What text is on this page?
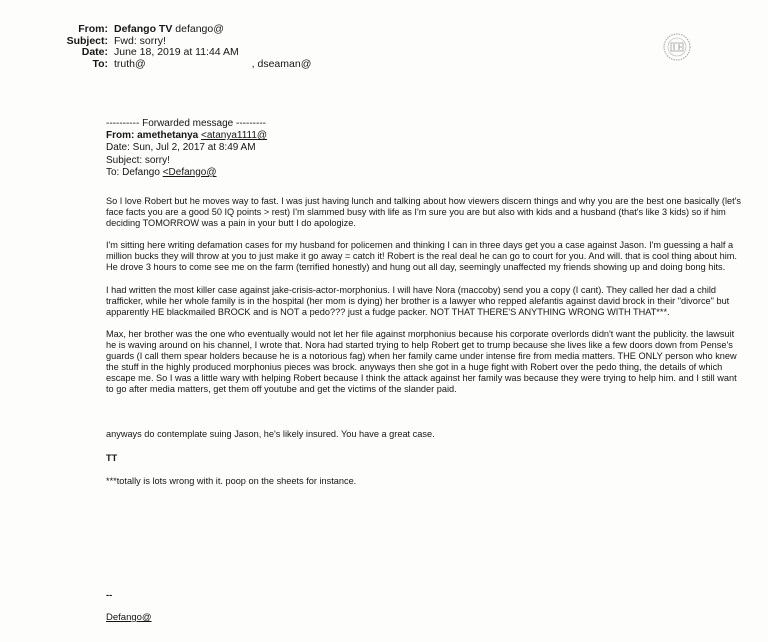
From: Defango TV defango@
Subject: Fwd: sorry!
Date: June 18, 2019 at 11:44 AM
To: truth@	, dseaman@
---------- Forwarded message ---------
From: amethetanya <atanya1111@
Date: Sun, Jul 2, 2017 at 8:49 AM
Subject: sorry!
To: Defango <Defango@

So I love Robert but he moves way to fast. I was just having lunch and talking about how viewers discern things and why you are the best one basically (let's face facts you are a good 50 IQ points > rest) I'm slammed busy with life as I'm sure you are but also with kids and a husband (that's like 3 kids) so if him deciding TOMORROW was a pain in your butt I do apologize.

I'm sitting here writing defamation cases for my husband for policemen and thinking I can in three days get you a case against Jason. I'm guessing a half a million bucks they will throw at you to just make it go away = catch it! Robert is the real deal he can go to court for you. And will. that is cool thing about him. He drove 3 hours to come see me on the farm (terrified honestly) and hung out all day, seemingly unaffected my friends showing up and doing bong hits.

I had written the most killer case against jake-crisis-actor-morphonius. I will have Nora (maccoby) send you a copy (I cant). They called her dad a child trafficker, while her whole family is in the hospital (her mom is dying) her brother is a lawyer who repped alefantis against david brock in their "divorce" but apparently HE blackmailed BROCK and is NOT a pedo??? just a fudge packer. NOT THAT THERE'S ANYTHING WRONG WITH THAT***.

Max, her brother was the one who eventually would not let her file against morphonius because his corporate overlords didn't want the publicity. the lawsuit he is waving around on his channel, I wrote that. Nora had started trying to help Robert get to trump because she lives like a few doors down from Pense's guards (I call them spear holders because he is a notorious fag) when her family came under intense fire from media matters. THE ONLY person who knew the stuff in the highly produced morphonius pieces was brock. anyways then she got in a huge fight with Robert over the pedo thing, the details of which escape me. So I was a little wary with helping Robert because I think the attack against her family was because they were trying to help him. and I still want to go after media matters, get them off youtube and get the victims of the slander paid.

anyways do contemplate suing Jason, he's likely insured. You have a great case.

TT

***totally is lots wrong with it. poop on the sheets for instance.

--
Defango@
